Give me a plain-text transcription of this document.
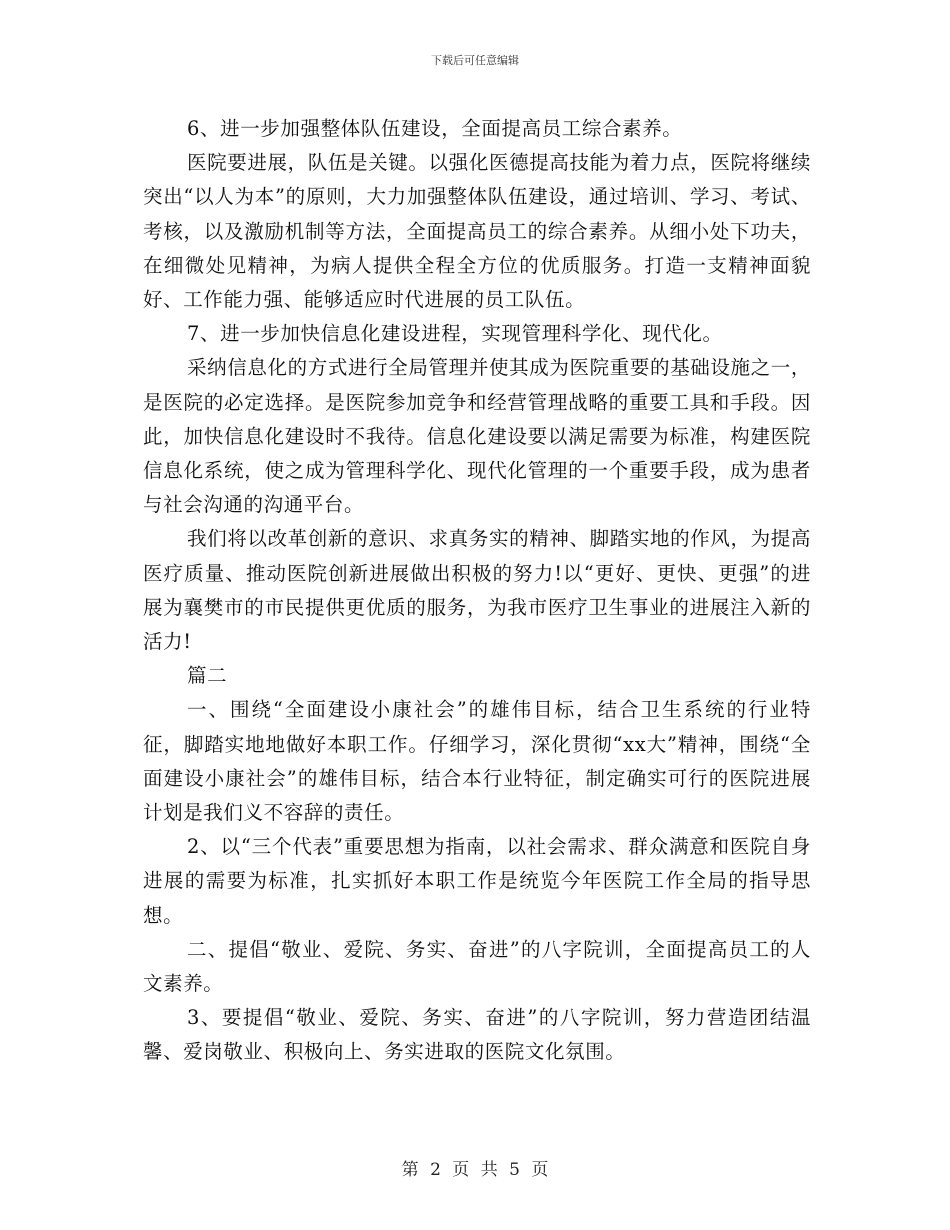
下载后可任意编辑

6、进一步加强整体队伍建设，全面提高员工综合素养。

医院要进展，队伍是关键。以强化医德提高技能为着力点，医院将继续突出“以人为本”的原则，大力加强整体队伍建设，通过培训、学习、考试、考核，以及激励机制等方法，全面提高员工的综合素养。从细小处下功夫，在细微处见精神，为病人提供全程全方位的优质服务。打造一支精神面貌好、工作能力强、能够适应时代进展的员工队伍。

7、进一步加快信息化建设进程，实现管理科学化、现代化。

采纳信息化的方式进行全局管理并使其成为医院重要的基础设施之一，是医院的必定选择。是医院参加竞争和经营管理战略的重要工具和手段。因此，加快信息化建设时不我待。信息化建设要以满足需要为标准，构建医院信息化系统，使之成为管理科学化、现代化管理的一个重要手段，成为患者与社会沟通的沟通平台。

我们将以改革创新的意识、求真务实的精神、脚踏实地的作风，为提高医疗质量、推动医院创新进展做出积极的努力!以“更好、更快、更强”的进展为襄樊市的市民提供更优质的服务，为我市医疗卫生事业的进展注入新的活力!

篇二

一、围绕“全面建设小康社会”的雄伟目标，结合卫生系统的行业特征，脚踏实地地做好本职工作。仔细学习，深化贯彻“xx大”精神，围绕“全面建设小康社会”的雄伟目标，结合本行业特征，制定确实可行的医院进展计划是我们义不容辞的责任。

2、以“三个代表”重要思想为指南，以社会需求、群众满意和医院自身进展的需要为标准，扎实抓好本职工作是统览今年医院工作全局的指导思想。

二、提倡“敬业、爱院、务实、奋进”的八字院训，全面提高员工的人文素养。

3、要提倡“敬业、爱院、务实、奋进”的八字院训，努力营造团结温馨、爱岗敬业、积极向上、务实进取的医院文化氛围。

第 2 页 共 5 页
